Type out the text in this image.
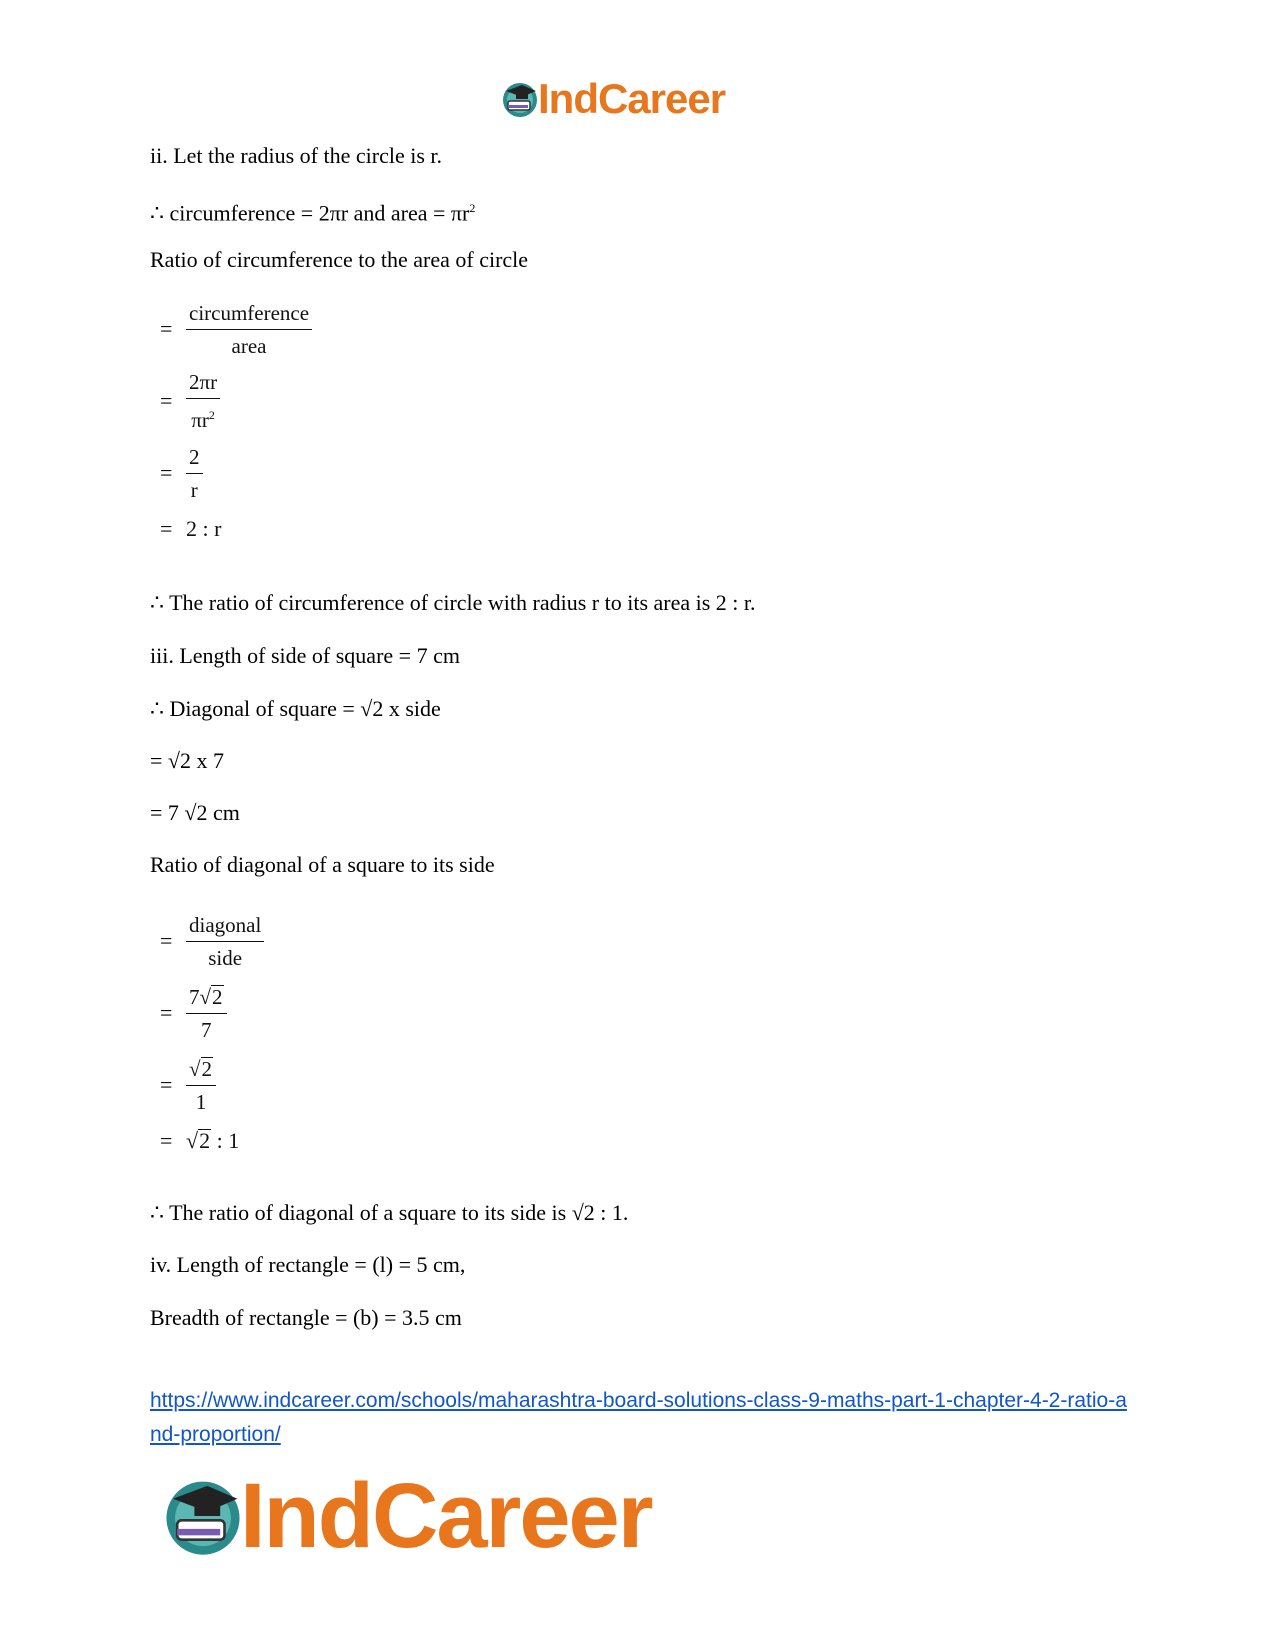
IndCareer
ii. Let the radius of the circle is r.
∴ circumference = 2πr and area = $\pi r^2$
Ratio of circumference to the area of circle
= $\frac{\text{circumference}}{\text{area}}$
= $\frac{2\pi r}{\pi r^2}$
= $\frac{2}{r}$
= 2 : r
∴ The ratio of circumference of circle with radius r to its area is 2 : r.
iii. Length of side of square = 7 cm
∴ Diagonal of square = √2 x side
= √2 x 7
= 7 √2 cm
Ratio of diagonal of a square to its side
= $\frac{\text{diagonal}}{\text{side}}$
= $\frac{7√2}{7}$
= $\frac{√2}{1}$
= √2 : 1
∴ The ratio of diagonal of a square to its side is √2 : 1.
iv. Length of rectangle = (l) = 5 cm,
Breadth of rectangle = (b) = 3.5 cm
https://www.indcareer.com/schools/maharashtra-board-solutions-class-9-maths-part-1-chapter-4-2-ratio-and-proportion/
IndCareer
